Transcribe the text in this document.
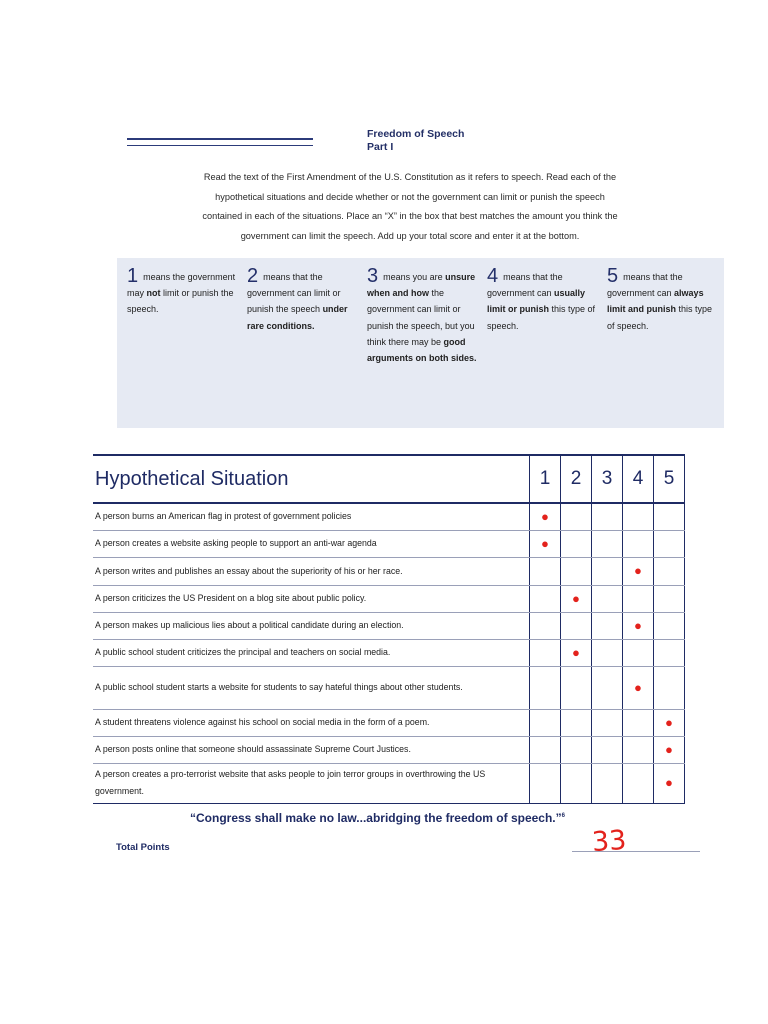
Freedom of Speech
Part I
Read the text of the First Amendment of the U.S. Constitution as it refers to speech. Read each of the
hypothetical situations and decide whether or not the government can limit or punish the speech
contained in each of the situations. Place an “X” in the box that best matches the amount you think the
government can limit the speech. Add up your total score and enter it at the bottom.
1 means the government may not limit or punish the speech.
2 means that the government can limit or punish the speech under rare conditions.
3 means you are unsure when and how the government can limit or punish the speech, but you think there may be good arguments on both sides.
4 means that the government can usually limit or punish this type of speech.
5 means that the government can always limit and punish this type of speech.
Hypothetical Situation	1	2	3	4	5
A person burns an American flag in protest of government policies	●				
A person creates a website asking people to support an anti-war agenda	●				
A person writes and publishes an essay about the superiority of his or her race.				●	
A person criticizes the US President on a blog site about public policy.		●			
A person makes up malicious lies about a political candidate during an election.				●	
A public school student criticizes the principal and teachers on social media.		●			
A public school student starts a website for students to say hateful things about other students.				●	
A student threatens violence against his school on social media in the form of a poem.					●
A person posts online that someone should assassinate Supreme Court Justices.					●
A person creates a pro-terrorist website that asks people to join terror groups in overthrowing the US government.					●
“Congress shall make no law...abridging the freedom of speech.”$^6$
Total Points	33
